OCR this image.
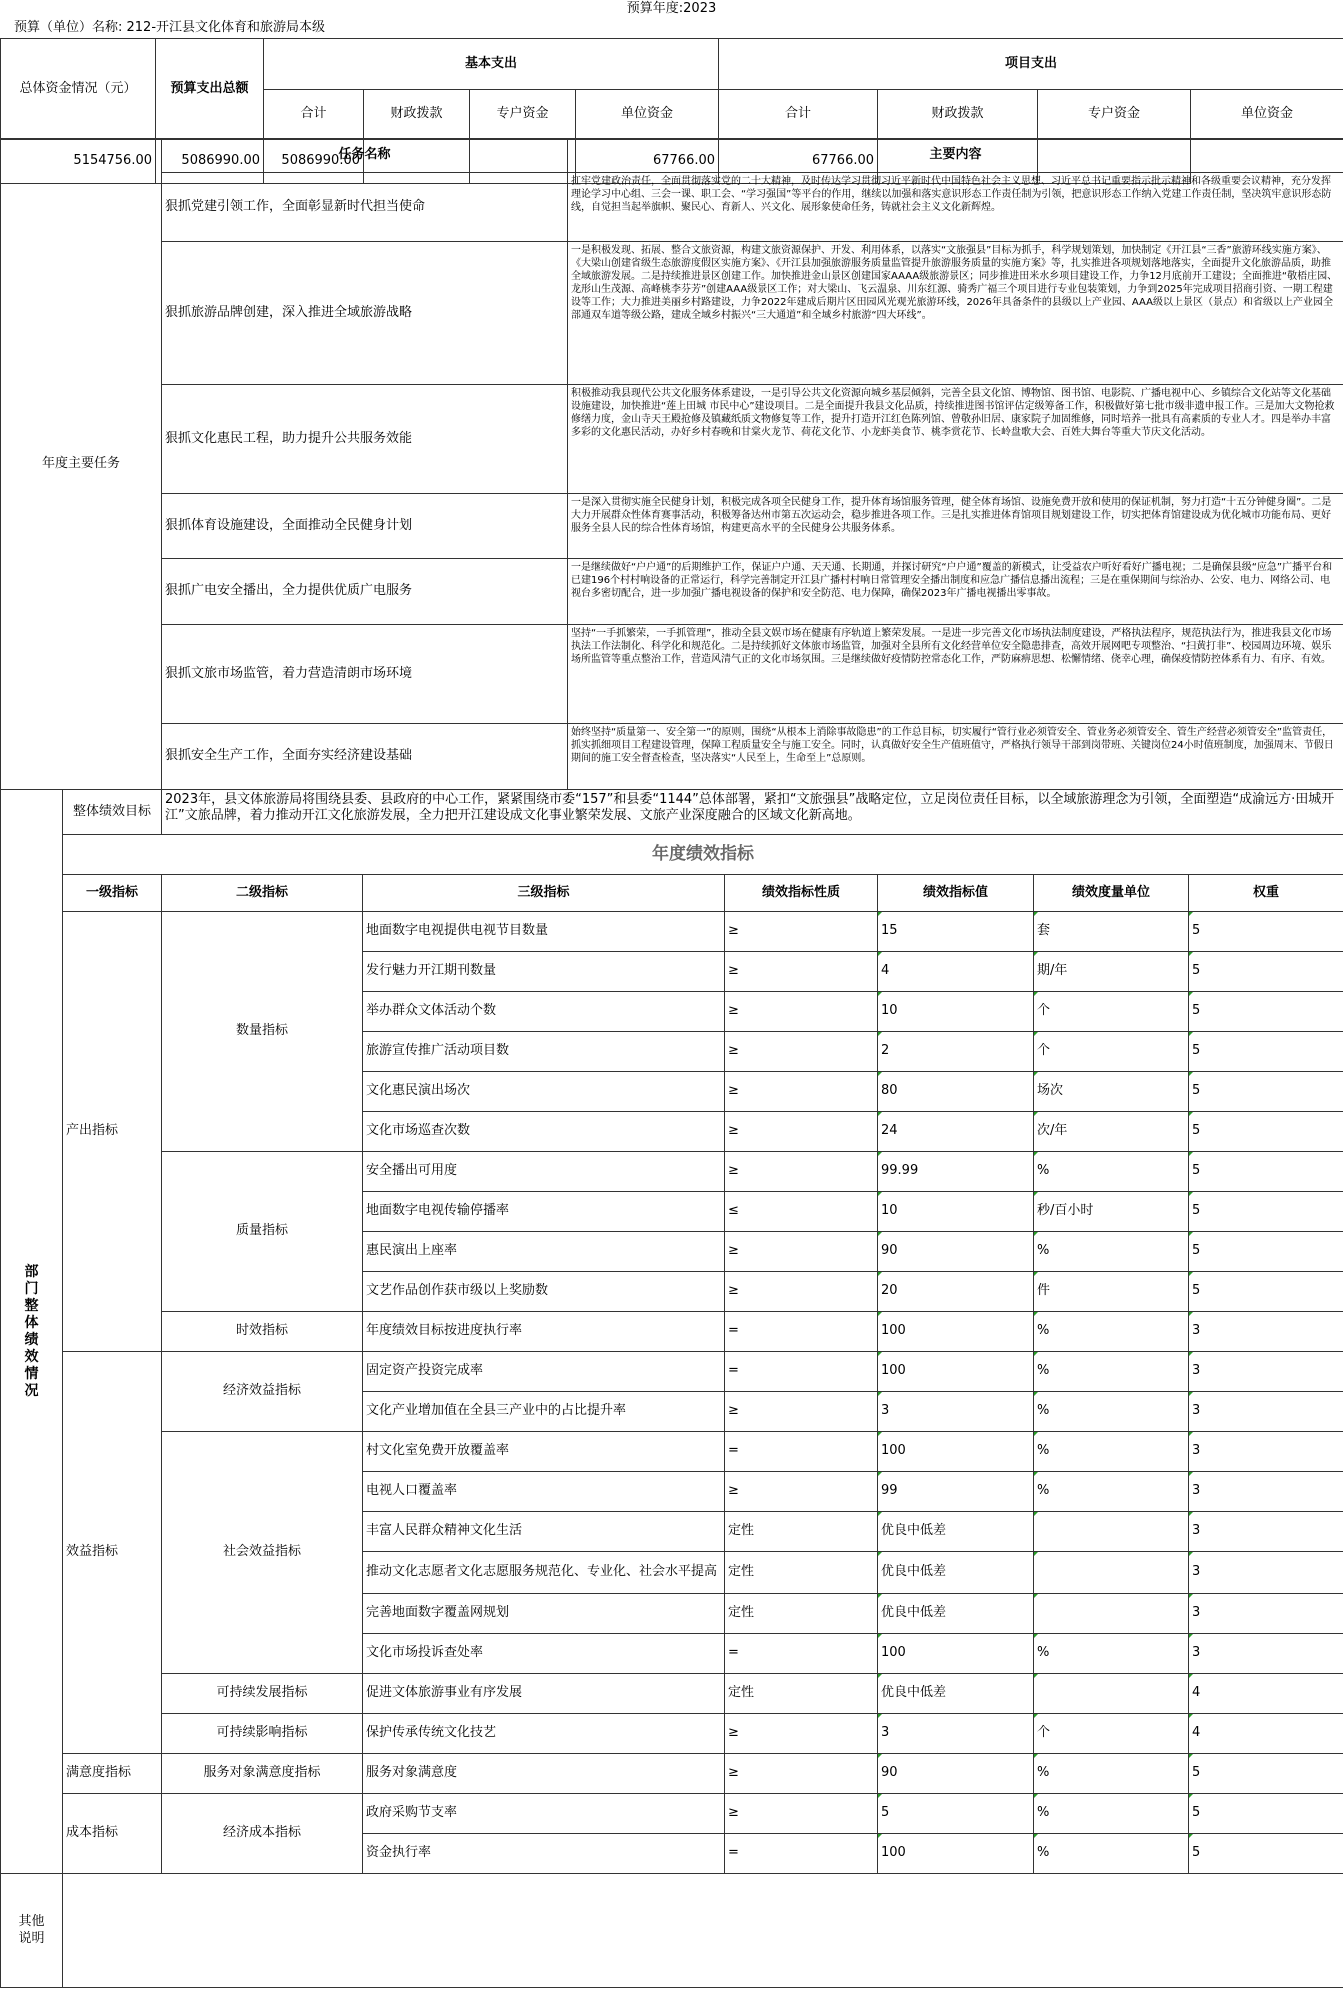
预算年度:2023
预算（单位）名称: 212-开江县文化体育和旅游局本级
总体资金情况（元）	预算支出总额	基本支出				项目支出			
		合计	财政拨款	专户资金	单位资金	合计	财政拨款	专户资金	单位资金
5154756.00	5086990.00	5086990.00			67766.00	67766.00			
年度主要任务	任务名称	主要内容
	狠抓党建引领工作，全面彰显新时代担当使命	扛牢党建政治责任，全面贯彻落实党的二十大精神，及时传达学习贯彻习近平新时代中国特色社会主义思想、习近平总书记重要指示批示精神和各级重要会议精神，充分发挥理论学习中心组、三会一课、职工会、“学习强国”等平台的作用，继续以加强和落实意识形态工作责任制为引领，把意识形态工作纳入党建工作责任制，坚决筑牢意识形态防线，自觉担当起举旗帜、聚民心、育新人、兴文化、展形象使命任务，铸就社会主义文化新辉煌。
	狠抓旅游品牌创建，深入推进全域旅游战略	一是积极发现、拓展、整合文旅资源，构建文旅资源保护、开发、利用体系，以落实“文旅强县”目标为抓手，科学规划策划，加快制定《开江县“三香”旅游环线实施方案》、《大梁山创建省级生态旅游度假区实施方案》、《开江县加强旅游服务质量监管提升旅游服务质量的实施方案》等，扎实推进各项规划落地落实，全面提升文化旅游品质，助推全域旅游发展。二是持续推进景区创建工作。加快推进金山景区创建国家AAAA级旅游景区；同步推进田米水乡项目建设工作，力争12月底前开工建设；全面推进“敬梧庄园、龙形山生茂源、高峰桃李芬芳”创建AAA级景区工作；对大梁山、飞云温泉、川东红源、骑秀广福三个项目进行专业包装策划，力争到2025年完成项目招商引资、一期工程建设等工作；大力推进美丽乡村路建设，力争2022年建成后期片区田园风光观光旅游环线，2026年具备条件的县级以上产业园、AAA级以上景区（景点）和省级以上产业园全部通双车道等级公路，建成全域乡村振兴“三大通道”和全域乡村旅游“四大环线”。
	狠抓文化惠民工程，助力提升公共服务效能	积极推动我县现代公共文化服务体系建设，一是引导公共文化资源向城乡基层倾斜，完善全县文化馆、博物馆、图书馆、电影院、广播电视中心、乡镇综合文化站等文化基础设施建设，加快推进“莲上田城 市民中心”建设项目。二是全面提升我县文化品质，持续推进图书馆评估定级筹备工作，积极做好第七批市级非遗申报工作。三是加大文物抢救修缮力度，金山寺天王殿抢修及镇藏纸质文物修复等工作，提升打造开江红色陈列馆、曾敬孙旧居、康家院子加固维修，同时培养一批具有高素质的专业人才。四是举办丰富多彩的文化惠民活动，办好乡村春晚和甘棠火龙节、荷花文化节、小龙虾美食节、桃李赏花节、长岭盘歌大会、百姓大舞台等重大节庆文化活动。
	狠抓体育设施建设，全面推动全民健身计划	一是深入贯彻实施全民健身计划，积极完成各项全民健身工作，提升体育场馆服务管理，健全体育场馆、设施免费开放和使用的保证机制，努力打造“十五分钟健身圈”。二是大力开展群众性体育赛事活动，积极筹备达州市第五次运动会，稳步推进各项工作。三是扎实推进体育馆项目规划建设工作，切实把体育馆建设成为优化城市功能布局、更好服务全县人民的综合性体育场馆，构建更高水平的全民健身公共服务体系。
	狠抓广电安全播出，全力提供优质广电服务	一是继续做好“户户通”的后期维护工作，保证户户通、天天通、长期通，并探讨研究“户户通”覆盖的新模式，让受益农户听好看好广播电视；二是确保县级“应急”广播平台和已建196个村村响设备的正常运行，科学完善制定开江县广播村村响日常管理安全播出制度和应急广播信息播出流程；三是在重保期间与综治办、公安、电力、网络公司、电视台多密切配合，进一步加强广播电视设备的保护和安全防范、电力保障，确保2023年广播电视播出零事故。
	狠抓文旅市场监管，着力营造清朗市场环境	坚持“一手抓繁荣，一手抓管理”，推动全县文娱市场在健康有序轨道上繁荣发展。一是进一步完善文化市场执法制度建设，严格执法程序，规范执法行为，推进我县文化市场执法工作法制化、科学化和规范化。二是持续抓好文体旅市场监管，加强对全县所有文化经营单位安全隐患排查，高效开展网吧专项整治、“扫黄打非”、校园周边环境、娱乐场所监管等重点整治工作，营造风清气正的文化市场氛围。三是继续做好疫情防控常态化工作，严防麻痹思想、松懈情绪、侥幸心理，确保疫情防控体系有力、有序、有效。
	狠抓安全生产工作，全面夯实经济建设基础	始终坚持“质量第一、安全第一”的原则，围绕“从根本上消除事故隐患”的工作总目标，切实履行“管行业必须管安全、管业务必须管安全、管生产经营必须管安全”监管责任，抓实抓细项目工程建设管理，保障工程质量安全与施工安全。同时，认真做好安全生产值班值守，严格执行领导干部到岗带班、关键岗位24小时值班制度，加强周末、节假日期间的施工安全督查检查，坚决落实“人民至上，生命至上”总原则。
部门整体绩效情况	整体绩效目标	2023年，县文体旅游局将围绕县委、县政府的中心工作，紧紧围绕市委“157”和县委“1144”总体部署，紧扣“文旅强县”战略定位，立足岗位责任目标，以全域旅游理念为引领，全面塑造“成渝远方·田城开江”文旅品牌，着力推动开江文化旅游发展，全力把开江建设成文化事业繁荣发展、文旅产业深度融合的区域文化新高地。					
	年度绩效指标						
	一级指标	二级指标	三级指标	绩效指标性质	绩效指标值	绩效度量单位	权重
	产出指标	数量指标	地面数字电视提供电视节目数量	≥	15	套	5
			发行魅力开江期刊数量	≥	4	期/年	5
			举办群众文体活动个数	≥	10	个	5
			旅游宣传推广活动项目数	≥	2	个	5
			文化惠民演出场次	≥	80	场次	5
			文化市场巡查次数	≥	24	次/年	5
		质量指标	安全播出可用度	≥	99.99	%	5
			地面数字电视传输停播率	≤	10	秒/百小时	5
			惠民演出上座率	≥	90	%	5
			文艺作品创作获市级以上奖励数	≥	20	件	5
		时效指标	年度绩效目标按进度执行率	=	100	%	3
	效益指标	经济效益指标	固定资产投资完成率	=	100	%	3
			文化产业增加值在全县三产业中的占比提升率	≥	3	%	3
		社会效益指标	村文化室免费开放覆盖率	=	100	%	3
			电视人口覆盖率	≥	99	%	3
			丰富人民群众精神文化生活	定性	优良中低差		3
			推动文化志愿者文化志愿服务规范化、专业化、社会水平提高	定性	优良中低差		3
			完善地面数字覆盖网规划	定性	优良中低差		3
			文化市场投诉查处率	=	100	%	3
		可持续发展指标	促进文体旅游事业有序发展	定性	优良中低差		4
		可持续影响指标	保护传承传统文化技艺	≥	3	个	4
	满意度指标	服务对象满意度指标	服务对象满意度	≥	90	%	5
	成本指标	经济成本指标	政府采购节支率	≥	5	%	5
			资金执行率	=	100	%	5
其他说明							
